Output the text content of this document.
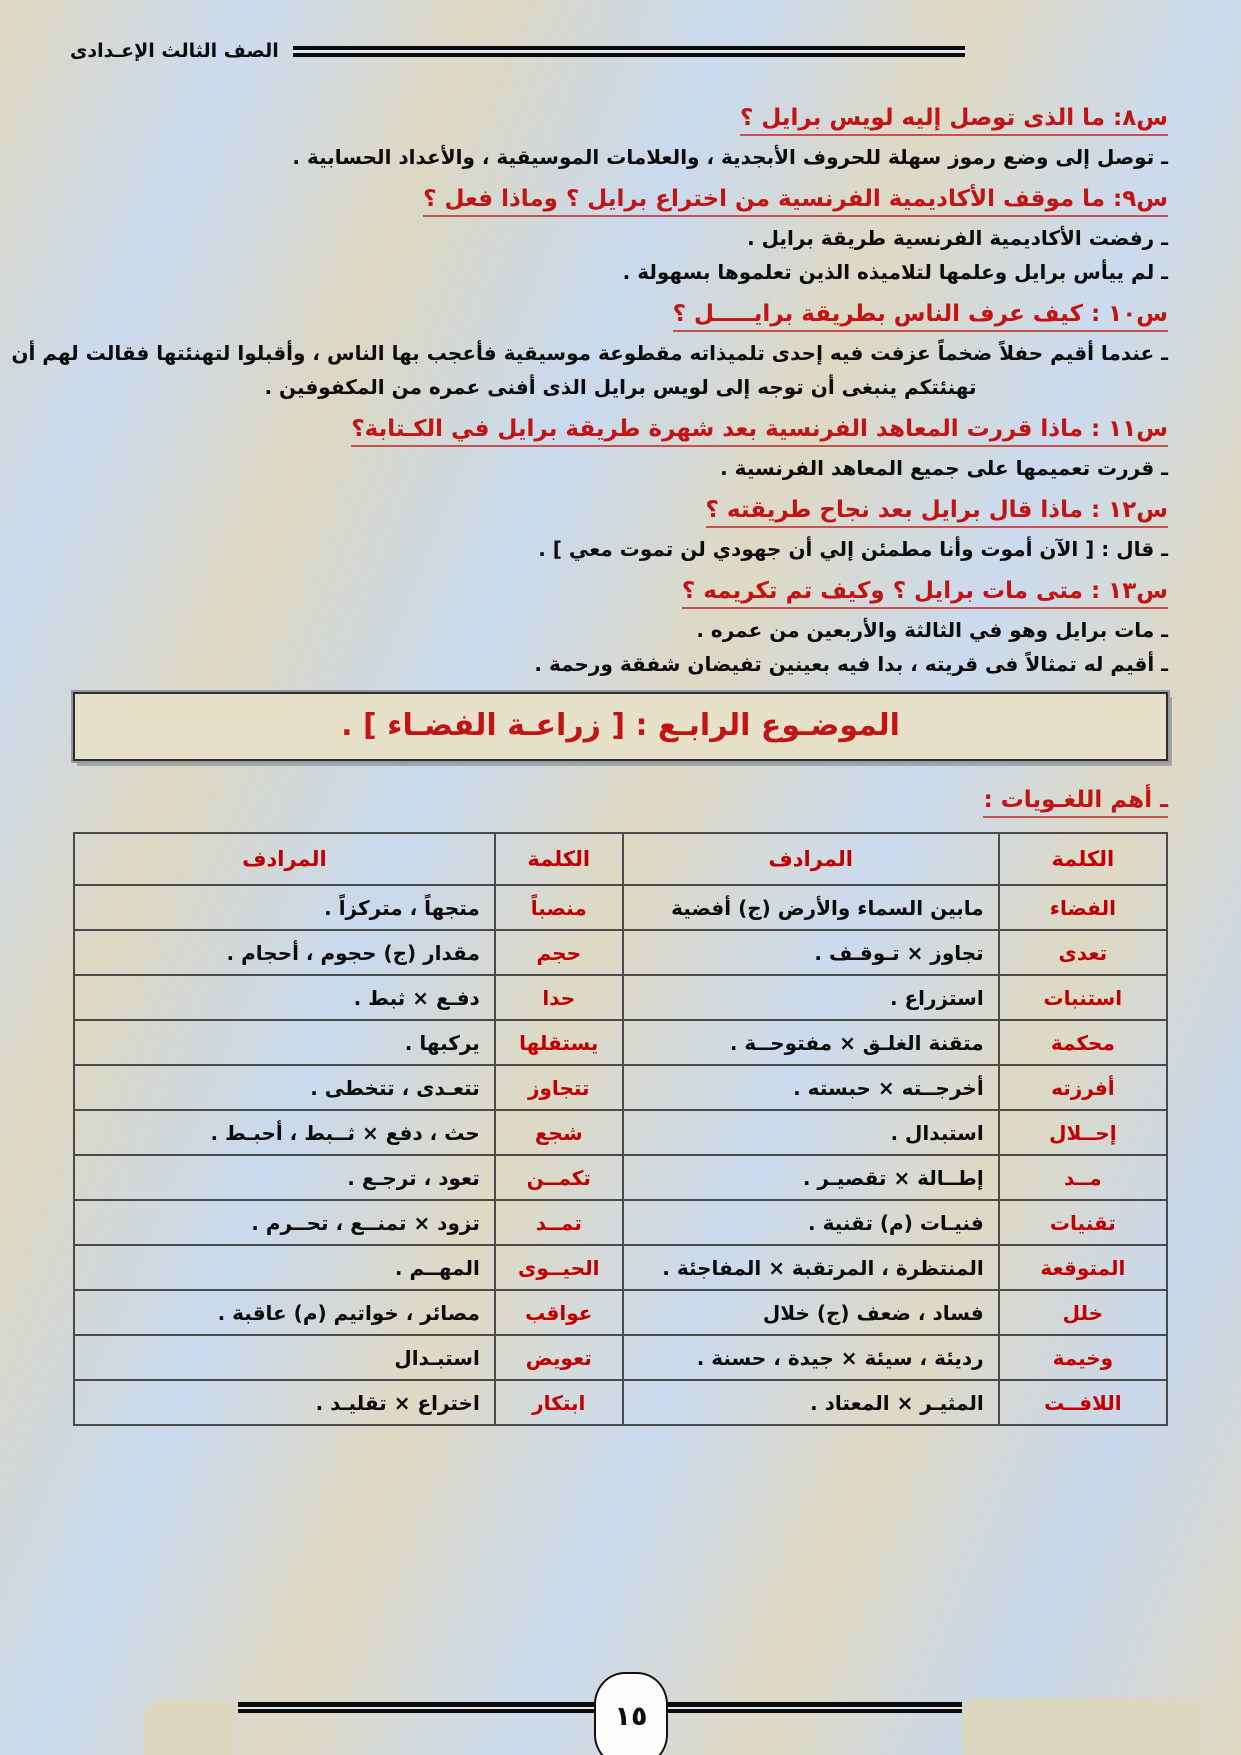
الصف الثالث الإعـدادى
س٨: ما الذى توصل إليه لويس برايل ؟
ـ توصل إلى وضع رموز سهلة للحروف الأبجدية ، والعلامات الموسيقية ، والأعداد الحسابية .
س٩: ما موقف الأكاديمية الفرنسية من اختراع برايل ؟ وماذا فعل ؟
ـ رفضت الأكاديمية الفرنسية طريقة برايل .
ـ لم ييأس برايل وعلمها لتلاميذه الذين تعلموها بسهولة .
س١٠ : كيف عرف الناس بطريقة برايـــــل ؟
ـ عندما أقيم حفلاً ضخماً عزفت فيه إحدى تلميذاته مقطوعة موسيقية فأعجب بها الناس ، وأقبلوا لتهنئتها فقالت لهم أن
تهنئتكم ينبغى أن توجه إلى لويس برايل الذى أفنى عمره من المكفوفين .
س١١ : ماذا قررت المعاهد الفرنسية بعد شهرة طريقة برايل في الكـتابة؟
ـ قررت تعميمها على جميع المعاهد الفرنسية .
س١٢ : ماذا قال برايل بعد نجاح طريقته ؟
ـ قال : [ الآن أموت وأنا مطمئن إلي أن جهودي لن تموت معي ] .
س١٣ : متى مات برايل ؟ وكيف تم تكريمه ؟
ـ مات برايل وهو في الثالثة والأربعين من عمره .
ـ أقيم له تمثالاً فى قريته ، بدا فيه بعينين تفيضان شفقة ورحمة .
الموضـوع الرابـع : [ زراعـة الفضـاء ] .
ـ أهم اللغـويات :
الكلمة	المرادف	الكلمة	المرادف
الفضاء	مابين السماء والأرض (ج) أفضية	منصباً	متجهاً ، متركزاً .
تعدى	تجاوز × تـوقـف .	حجم	مقدار (ج) حجوم ، أحجام .
استنبات	استزراع .	حدا	دفـع × ثبط .
محكمة	متقنة الغلـق × مفتوحــة .	يستقلها	يركبها .
أفرزته	أخرجــته × حبسته .	تتجاوز	تتعـدى ، تتخطى .
إحــلال	استبدال .	شجع	حث ، دفع × ثــبط ، أحبـط .
مــد	إطــالة × تقصيـر .	تكمــن	تعود ، ترجـع .
تقنيات	فنيـات (م) تقنية .	تمــد	تزود × تمنــع ، تحــرم .
المتوقعة	المنتظرة ، المرتقبة × المفاجئة .	الحيــوى	المهــم .
خلل	فساد ، ضعف (ج) خلال	عواقب	مصائر ، خواتيم (م) عاقبة .
وخيمة	رديئة ، سيئة × جيدة ، حسنة .	تعويض	استبـدال
اللافــت	المثيـر × المعتاد .	ابتكار	اختراع × تقليـد .
١٥
